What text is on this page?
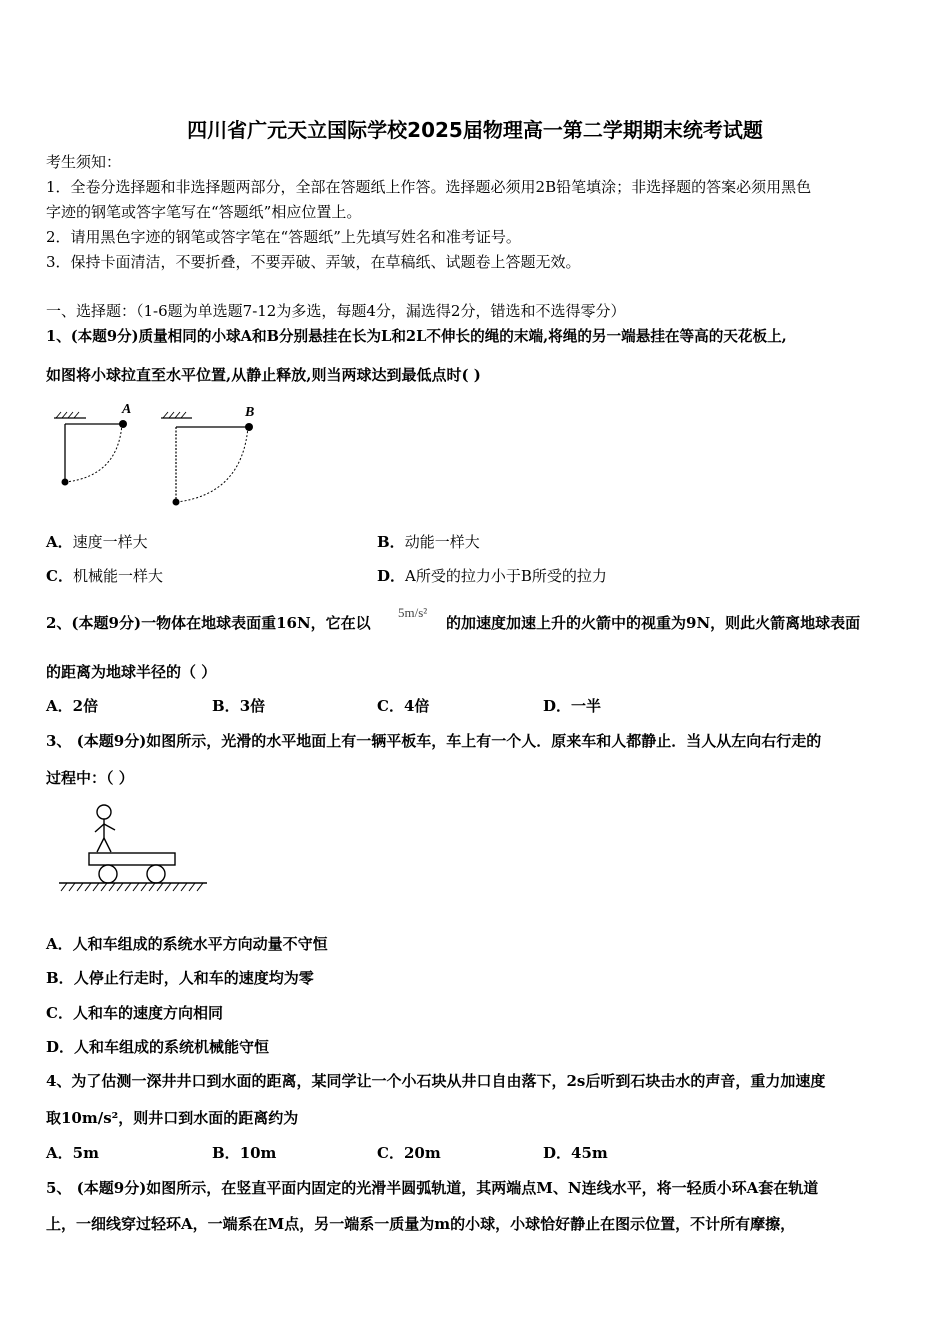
四川省广元天立国际学校2025届物理高一第二学期期末统考试题
考生须知：
1．全卷分选择题和非选择题两部分，全部在答题纸上作答。选择题必须用2B铅笔填涂；非选择题的答案必须用黑色
字迹的钢笔或答字笔写在“答题纸”相应位置上。
2．请用黑色字迹的钢笔或答字笔在“答题纸”上先填写姓名和准考证号。
3．保持卡面清洁，不要折叠，不要弄破、弄皱，在草稿纸、试题卷上答题无效。
一、选择题：（1-6题为单选题7-12为多选，每题4分，漏选得2分，错选和不选得零分）
1、(本题9分)质量相同的小球A和B分别悬挂在长为L和2L不伸长的绳的末端,将绳的另一端悬挂在等高的天花板上,
如图将小球拉直至水平位置,从静止释放,则当两球达到最低点时( )
A	B
A．速度一样大	B．动能一样大
C．机械能一样大	D．A所受的拉力小于B所受的拉力
2、(本题9分)一物体在地球表面重16N，它在以
5m/s²
的加速度加速上升的火箭中的视重为9N，则此火箭离地球表面
的距离为地球半径的（ ）
A．2倍	B．3倍	C．4倍	D．一半
3、 (本题9分)如图所示，光滑的水平地面上有一辆平板车，车上有一个人．原来车和人都静止．当人从左向右行走的
过程中：（ ）
A．人和车组成的系统水平方向动量不守恒
B．人停止行走时，人和车的速度均为零
C．人和车的速度方向相同
D．人和车组成的系统机械能守恒
4、为了估测一深井井口到水面的距离，某同学让一个小石块从井口自由落下，2s后听到石块击水的声音，重力加速度
取10m/s²，则井口到水面的距离约为
A．5m	B．10m	C．20m	D．45m
5、 (本题9分)如图所示，在竖直平面内固定的光滑半圆弧轨道，其两端点M、N连线水平，将一轻质小环A套在轨道
上，一细线穿过轻环A，一端系在M点，另一端系一质量为m的小球，小球恰好静止在图示位置，不计所有摩擦，
